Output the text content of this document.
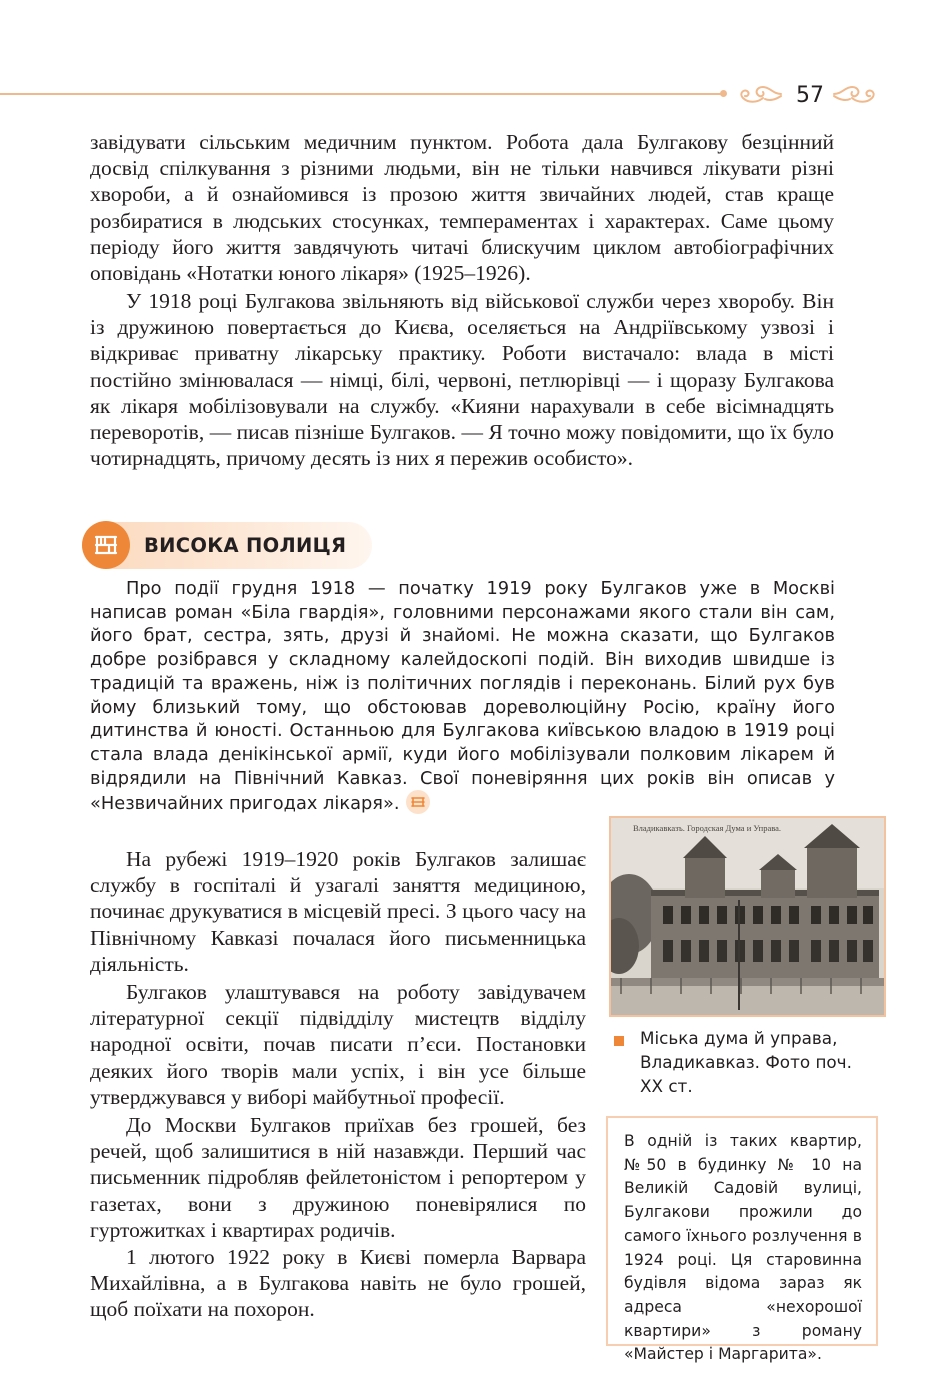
57

завідувати сільським медичним пунктом. Робота дала Булгакову безцінний досвід спілкування з різними людьми, він не тільки навчився лікувати різні хвороби, а й ознайомився із прозою життя звичайних людей, став краще розбиратися в людських стосунках, темпераментах і характерах. Саме цьому періоду його життя завдячують читачі блискучим циклом автобіографічних оповідань «Нотатки юного лікаря» (1925–1926).

У 1918 році Булгакова звільняють від військової служби через хворобу. Він із дружиною повертається до Києва, оселяється на Андріївському узвозі і відкриває приватну лікарську практику. Роботи вистачало: влада в місті постійно змінювалася — німці, білі, червоні, петлюрівці — і щоразу Булгакова як лікаря мобілізовували на службу. «Кияни нарахували в себе вісімнадцять переворотів, — писав пізніше Булгаков. — Я точно можу повідомити, що їх було чотирнадцять, причому десять із них я пережив особисто».

ВИСОКА ПОЛИЦЯ

Про події грудня 1918 — початку 1919 року Булгаков уже в Москві написав роман «Біла гвардія», головними персонажами якого стали він сам, його брат, сестра, зять, друзі й знайомі. Не можна сказати, що Булгаков добре розібрався у складному калейдоскопі подій. Він виходив швидше із традицій та вражень, ніж із політичних поглядів і переконань. Білий рух був йому близький тому, що обстоював дореволюційну Росію, країну його дитинства й юності. Останньою для Булгакова київською владою в 1919 році стала влада денікінської армії, куди його мобілізували полковим лікарем й відрядили на Північний Кавказ. Свої поневіряння цих років він описав у «Незвичайних пригодах лікаря».

На рубежі 1919–1920 років Булгаков залишає службу в госпіталі й узагалі заняття медициною, починає друкуватися в місцевій пресі. З цього часу на Північному Кавказі почалася його письменницька діяльність.

Булгаков улаштувався на роботу завідувачем літературної секції підвідділу мистецтв відділу народної освіти, почав писати п’єси. Постановки деяких його творів мали успіх, і він усе більше утверджувався у виборі майбутньої професії.

До Москви Булгаков приїхав без грошей, без речей, щоб залишитися в ній назавжди. Перший час письменник підробляв фейлетоністом і репортером у газетах, вони з дружиною поневірялися по гуртожитках і квартирах родичів.

1 лютого 1922 року в Києві померла Варвара Михайлівна, а в Булгакова навіть не було грошей, щоб поїхати на похорон.

Владикавказъ. Городская Дума и Управа.

Міська дума й управа, Владикавказ. Фото поч. ХХ ст.

В одній із таких квартир, №50 в будинку № 10 на Великій Садовій вулиці, Булгакови прожили до самого їхнього розлучення в 1924 році. Ця старовинна будівля відома зараз як адреса «нехорошої квартири» з роману «Майстер і Маргарита».
